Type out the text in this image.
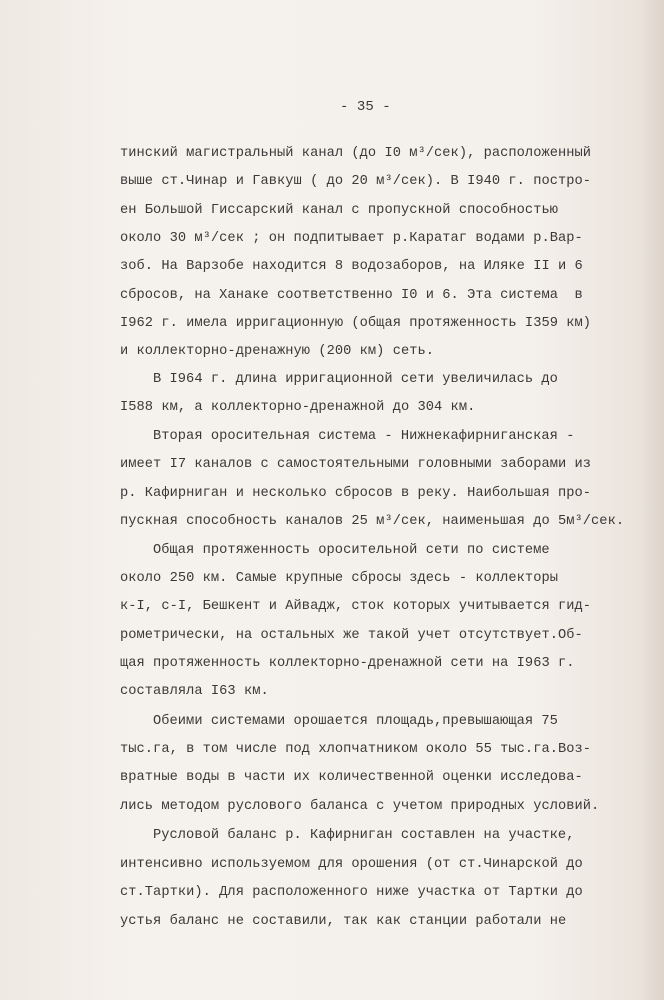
- 35 -
тинский магистральный канал (до I0 м³/сек), расположенный
выше ст.Чинар и Гавкуш ( до 20 м³/сек). В I940 г. постро-
ен Большой Гиссарский канал с пропускной способностью
около 30 м³/сек ; он подпитывает р.Каратаг водами р.Вар-
зоб. На Варзобе находится 8 водозаборов, на Иляке II и 6
сбросов, на Ханаке соответственно I0 и 6. Эта система  в
I962 г. имела ирригационную (общая протяженность I359 км)
и коллекторно-дренажную (200 км) сеть.
В I964 г. длина ирригационной сети увеличилась до
I588 км, а коллекторно-дренажной до 304 км.
Вторая оросительная система - Нижнекафирниганская -
имеет I7 каналов с самостоятельными головными заборами из
р. Кафирниган и несколько сбросов в реку. Наибольшая про-
пускная способность каналов 25 м³/сек, наименьшая до 5м³/сек.
Общая протяженность оросительной сети по системе
около 250 км. Самые крупные сбросы здесь - коллекторы
к-I, с-I, Бешкент и Айвадж, сток которых учитывается гид-
рометрически, на остальных же такой учет отсутствует.Об-
щая протяженность коллекторно-дренажной сети на I963 г.
составляла I63 км.
Обеими системами орошается площадь,превышающая 75
тыс.га, в том числе под хлопчатником около 55 тыс.га.Воз-
вратные воды в части их количественной оценки исследова-
лись методом руслового баланса с учетом природных условий.
Русловой баланс р. Кафирниган составлен на участке,
интенсивно используемом для орошения (от ст.Чинарской до
ст.Тартки). Для расположенного ниже участка от Тартки до
устья баланс не составили, так как станции работали не
